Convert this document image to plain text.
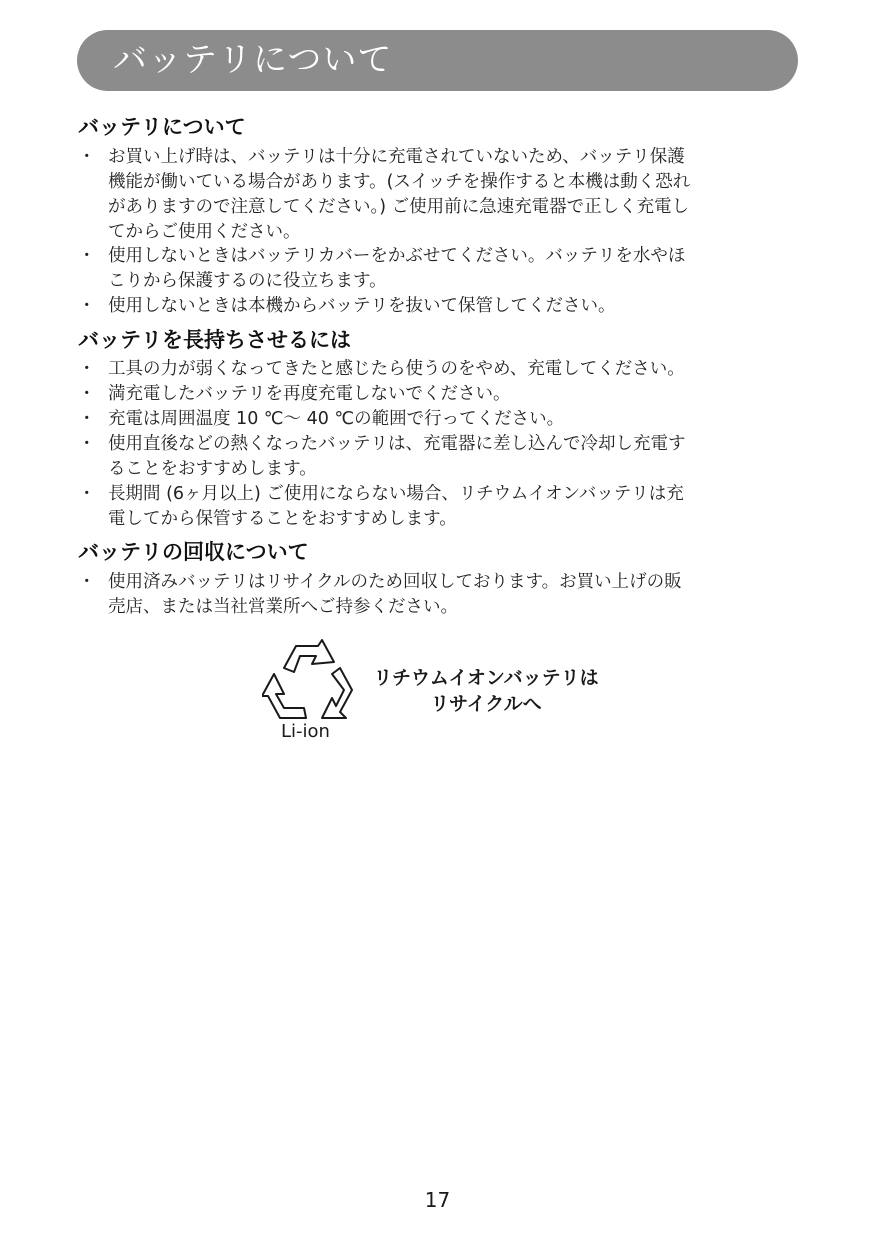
バッテリについて
バッテリについて
・ お買い上げ時は、バッテリは十分に充電されていないため、バッテリ保護
機能が働いている場合があります。(スイッチを操作すると本機は動く恐れ
がありますので注意してください。) ご使用前に急速充電器で正しく充電し
てからご使用ください。
・ 使用しないときはバッテリカバーをかぶせてください。バッテリを水やほ
こりから保護するのに役立ちます。
・ 使用しないときは本機からバッテリを抜いて保管してください。
バッテリを長持ちさせるには
・ 工具の力が弱くなってきたと感じたら使うのをやめ、充電してください。
・ 満充電したバッテリを再度充電しないでください。
・ 充電は周囲温度 10 ℃～ 40 ℃の範囲で行ってください。
・ 使用直後などの熱くなったバッテリは、充電器に差し込んで冷却し充電す
ることをおすすめします。
・ 長期間 (6ヶ月以上) ご使用にならない場合、リチウムイオンバッテリは充
電してから保管することをおすすめします。
バッテリの回収について
・ 使用済みバッテリはリサイクルのため回収しております。お買い上げの販
売店、または当社営業所へご持参ください。
Li-ion
リチウムイオンバッテリは
リサイクルへ
17
